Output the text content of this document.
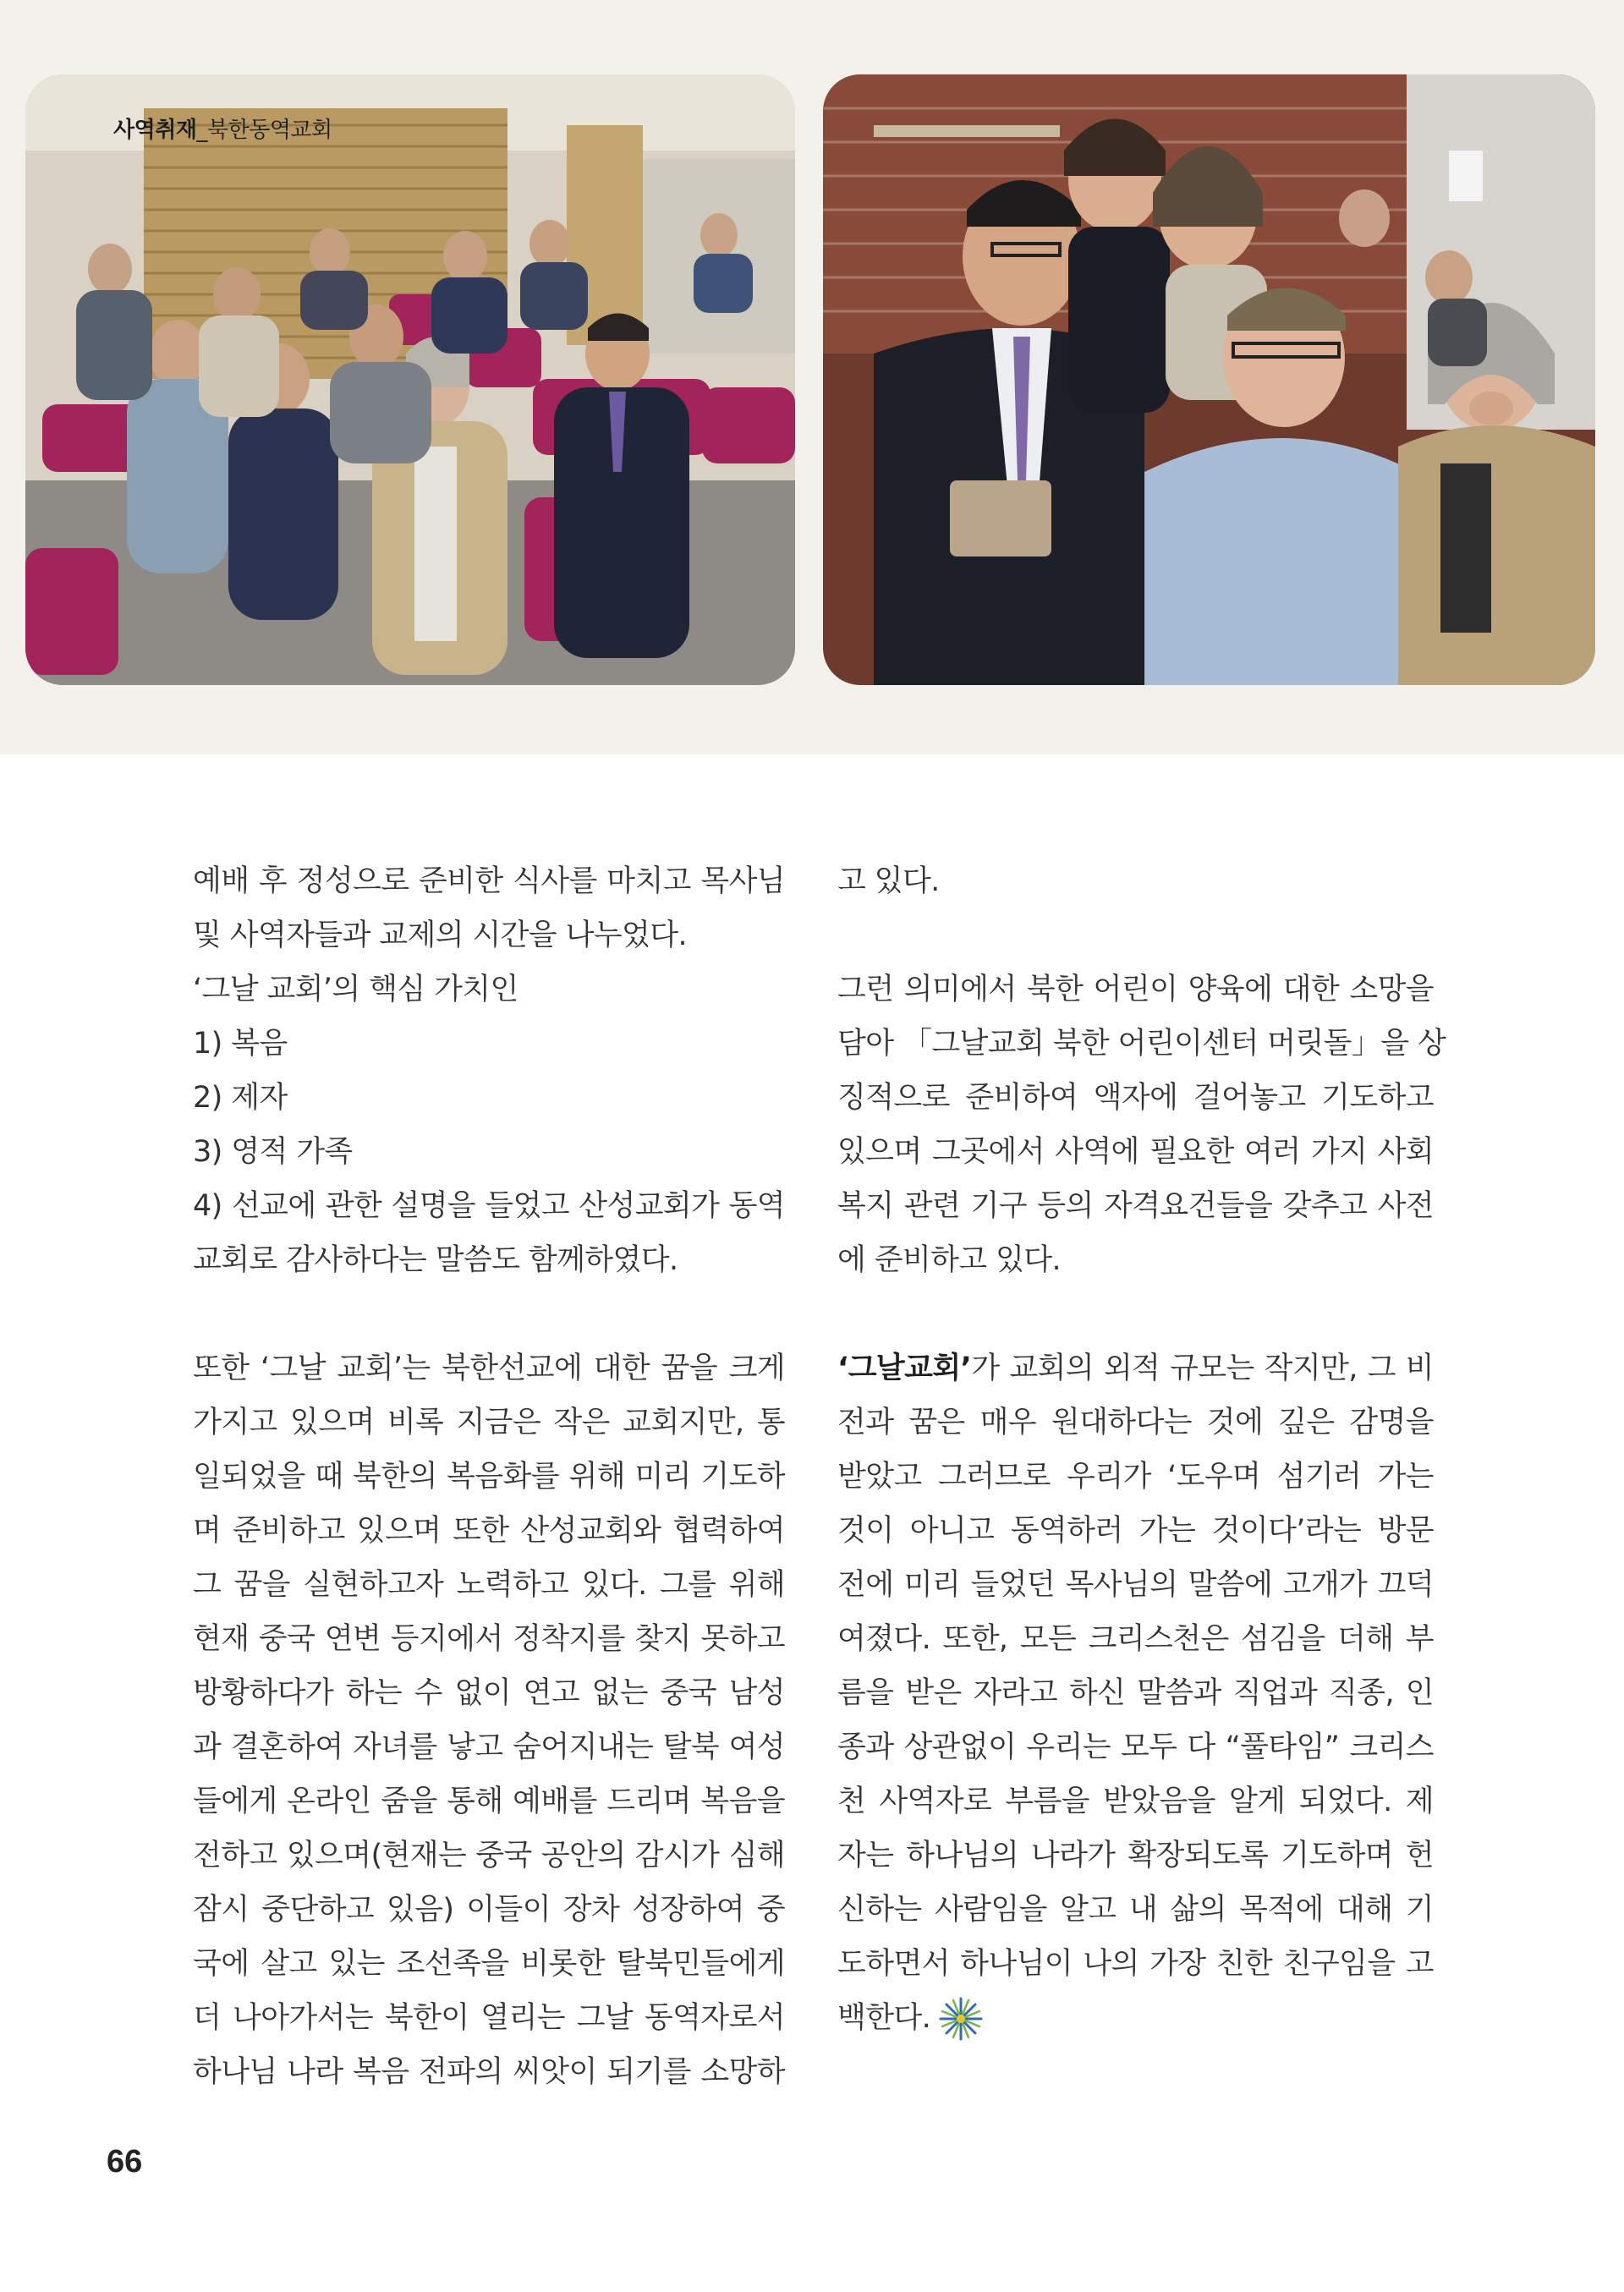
사역취재_북한동역교회

예배 후 정성으로 준비한 식사를 마치고 목사님
및 사역자들과 교제의 시간을 나누었다.
‘그날 교회’의 핵심 가치인
1) 복음
2) 제자
3) 영적 가족
4) 선교에 관한 설명을 들었고 산성교회가 동역
교회로 감사하다는 말씀도 함께하였다.

또한 ‘그날 교회’는 북한선교에 대한 꿈을 크게
가지고 있으며 비록 지금은 작은 교회지만, 통
일되었을 때 북한의 복음화를 위해 미리 기도하
며 준비하고 있으며 또한 산성교회와 협력하여
그 꿈을 실현하고자 노력하고 있다. 그를 위해
현재 중국 연변 등지에서 정착지를 찾지 못하고
방황하다가 하는 수 없이 연고 없는 중국 남성
과 결혼하여 자녀를 낳고 숨어지내는 탈북 여성
들에게 온라인 줌을 통해 예배를 드리며 복음을
전하고 있으며(현재는 중국 공안의 감시가 심해
잠시 중단하고 있음) 이들이 장차 성장하여 중
국에 살고 있는 조선족을 비롯한 탈북민들에게
더 나아가서는 북한이 열리는 그날 동역자로서
하나님 나라 복음 전파의 씨앗이 되기를 소망하

고 있다.

그런 의미에서 북한 어린이 양육에 대한 소망을
담아 「그날교회 북한 어린이센터 머릿돌」을 상
징적으로 준비하여 액자에 걸어놓고 기도하고
있으며 그곳에서 사역에 필요한 여러 가지 사회
복지 관련 기구 등의 자격요건들을 갖추고 사전
에 준비하고 있다.

‘그날교회’가 교회의 외적 규모는 작지만, 그 비
전과 꿈은 매우 원대하다는 것에 깊은 감명을
받았고 그러므로 우리가 ‘도우며 섬기러 가는
것이 아니고 동역하러 가는 것이다’라는 방문
전에 미리 들었던 목사님의 말씀에 고개가 끄덕
여졌다. 또한, 모든 크리스천은 섬김을 더해 부
름을 받은 자라고 하신 말씀과 직업과 직종, 인
종과 상관없이 우리는 모두 다 “풀타임” 크리스
천 사역자로 부름을 받았음을 알게 되었다. 제
자는 하나님의 나라가 확장되도록 기도하며 헌
신하는 사람임을 알고 내 삶의 목적에 대해 기
도하면서 하나님이 나의 가장 친한 친구임을 고
백한다.

66
